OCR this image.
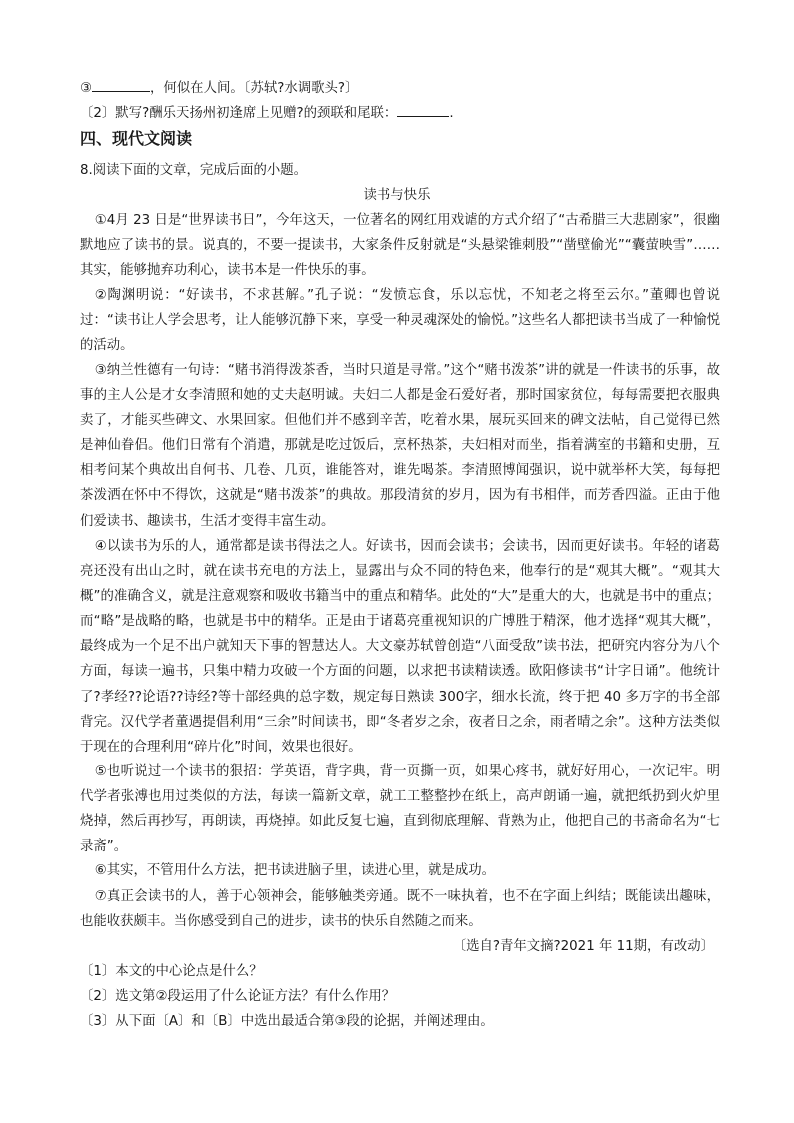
③	，何似在人间。〔苏轼?水调歌头?〕
〔2〕默写?酬乐天扬州初逢席上见赠?的颈联和尾联：	.
四、现代文阅读
8.阅读下面的文章，完成后面的小题。
读书与快乐
①4月 23 日是“世界读书日”，今年这天，一位著名的网红用戏谑的方式介绍了“古希腊三大悲剧家”，很幽默地应了读书的景。说真的，不要一提读书，大家条件反射就是“头悬梁锥刺股”“凿壁偷光”“囊萤映雪”……其实，能够抛弃功利心，读书本是一件快乐的事。
②陶渊明说：“好读书，不求甚解。”孔子说：“发愤忘食，乐以忘忧，不知老之将至云尔。”董卿也曾说过：“读书让人学会思考，让人能够沉静下来，享受一种灵魂深处的愉悦。”这些名人都把读书当成了一种愉悦的活动。
③纳兰性德有一句诗：“赌书消得泼茶香，当时只道是寻常。”这个“赌书泼茶”讲的就是一件读书的乐事，故事的主人公是才女李清照和她的丈夫赵明诚。夫妇二人都是金石爱好者，那时国家贫位，每每需要把衣服典卖了，才能买些碑文、水果回家。但他们并不感到辛苦，吃着水果，展玩买回来的碑文法帖，自己觉得已然是神仙眷侣。他们日常有个消遣，那就是吃过饭后，烹杯热茶，夫妇相对而坐，指着满室的书籍和史册，互相考问某个典故出自何书、几卷、几页，谁能答对，谁先喝茶。李清照博闻强识，说中就举杯大笑，每每把茶泼洒在怀中不得饮，这就是“赌书泼茶”的典故。那段清贫的岁月，因为有书相伴，而芳香四溢。正由于他们爱读书、趣读书，生活才变得丰富生动。
④以读书为乐的人，通常都是读书得法之人。好读书，因而会读书；会读书，因而更好读书。年轻的诸葛亮还没有出山之时，就在读书充电的方法上，显露出与众不同的特色来，他奉行的是“观其大概”。“观其大概”的准确含义，就是注意观察和吸收书籍当中的重点和精华。此处的“大”是重大的大，也就是书中的重点；而“略”是战略的略，也就是书中的精华。正是由于诸葛亮重视知识的广博胜于精深，他才选择“观其大概”，最终成为一个足不出户就知天下事的智慧达人。大文豪苏轼曾创造“八面受敌”读书法，把研究内容分为八个方面，每读一遍书，只集中精力攻破一个方面的问题，以求把书读精读透。欧阳修读书“计字日诵”。他统计了?孝经??论语??诗经?等十部经典的总字数，规定每日熟读 300字，细水长流，终于把 40 多万字的书全部背完。汉代学者董遇提倡利用“三余”时间读书，即“冬者岁之余，夜者日之余，雨者晴之余”。这种方法类似于现在的合理利用“碎片化”时间，效果也很好。
⑤也听说过一个读书的狠招：学英语，背字典，背一页撕一页，如果心疼书，就好好用心，一次记牢。明代学者张溥也用过类似的方法，每读一篇新文章，就工工整整抄在纸上，高声朗诵一遍，就把纸扔到火炉里烧掉，然后再抄写，再朗读，再烧掉。如此反复七遍，直到彻底理解、背熟为止，他把自己的书斋命名为“七录斋”。
⑥其实，不管用什么方法，把书读进脑子里，读进心里，就是成功。
⑦真正会读书的人，善于心领神会，能够触类旁通。既不一味执着，也不在字面上纠结；既能读出趣味，也能收获颇丰。当你感受到自己的进步，读书的快乐自然随之而来。
〔选自?青年文摘?2021 年 11期，有改动〕
〔1〕本文的中心论点是什么？
〔2〕选文第②段运用了什么论证方法？有什么作用？
〔3〕从下面〔A〕和〔B〕中选出最适合第③段的论据，并阐述理由。
